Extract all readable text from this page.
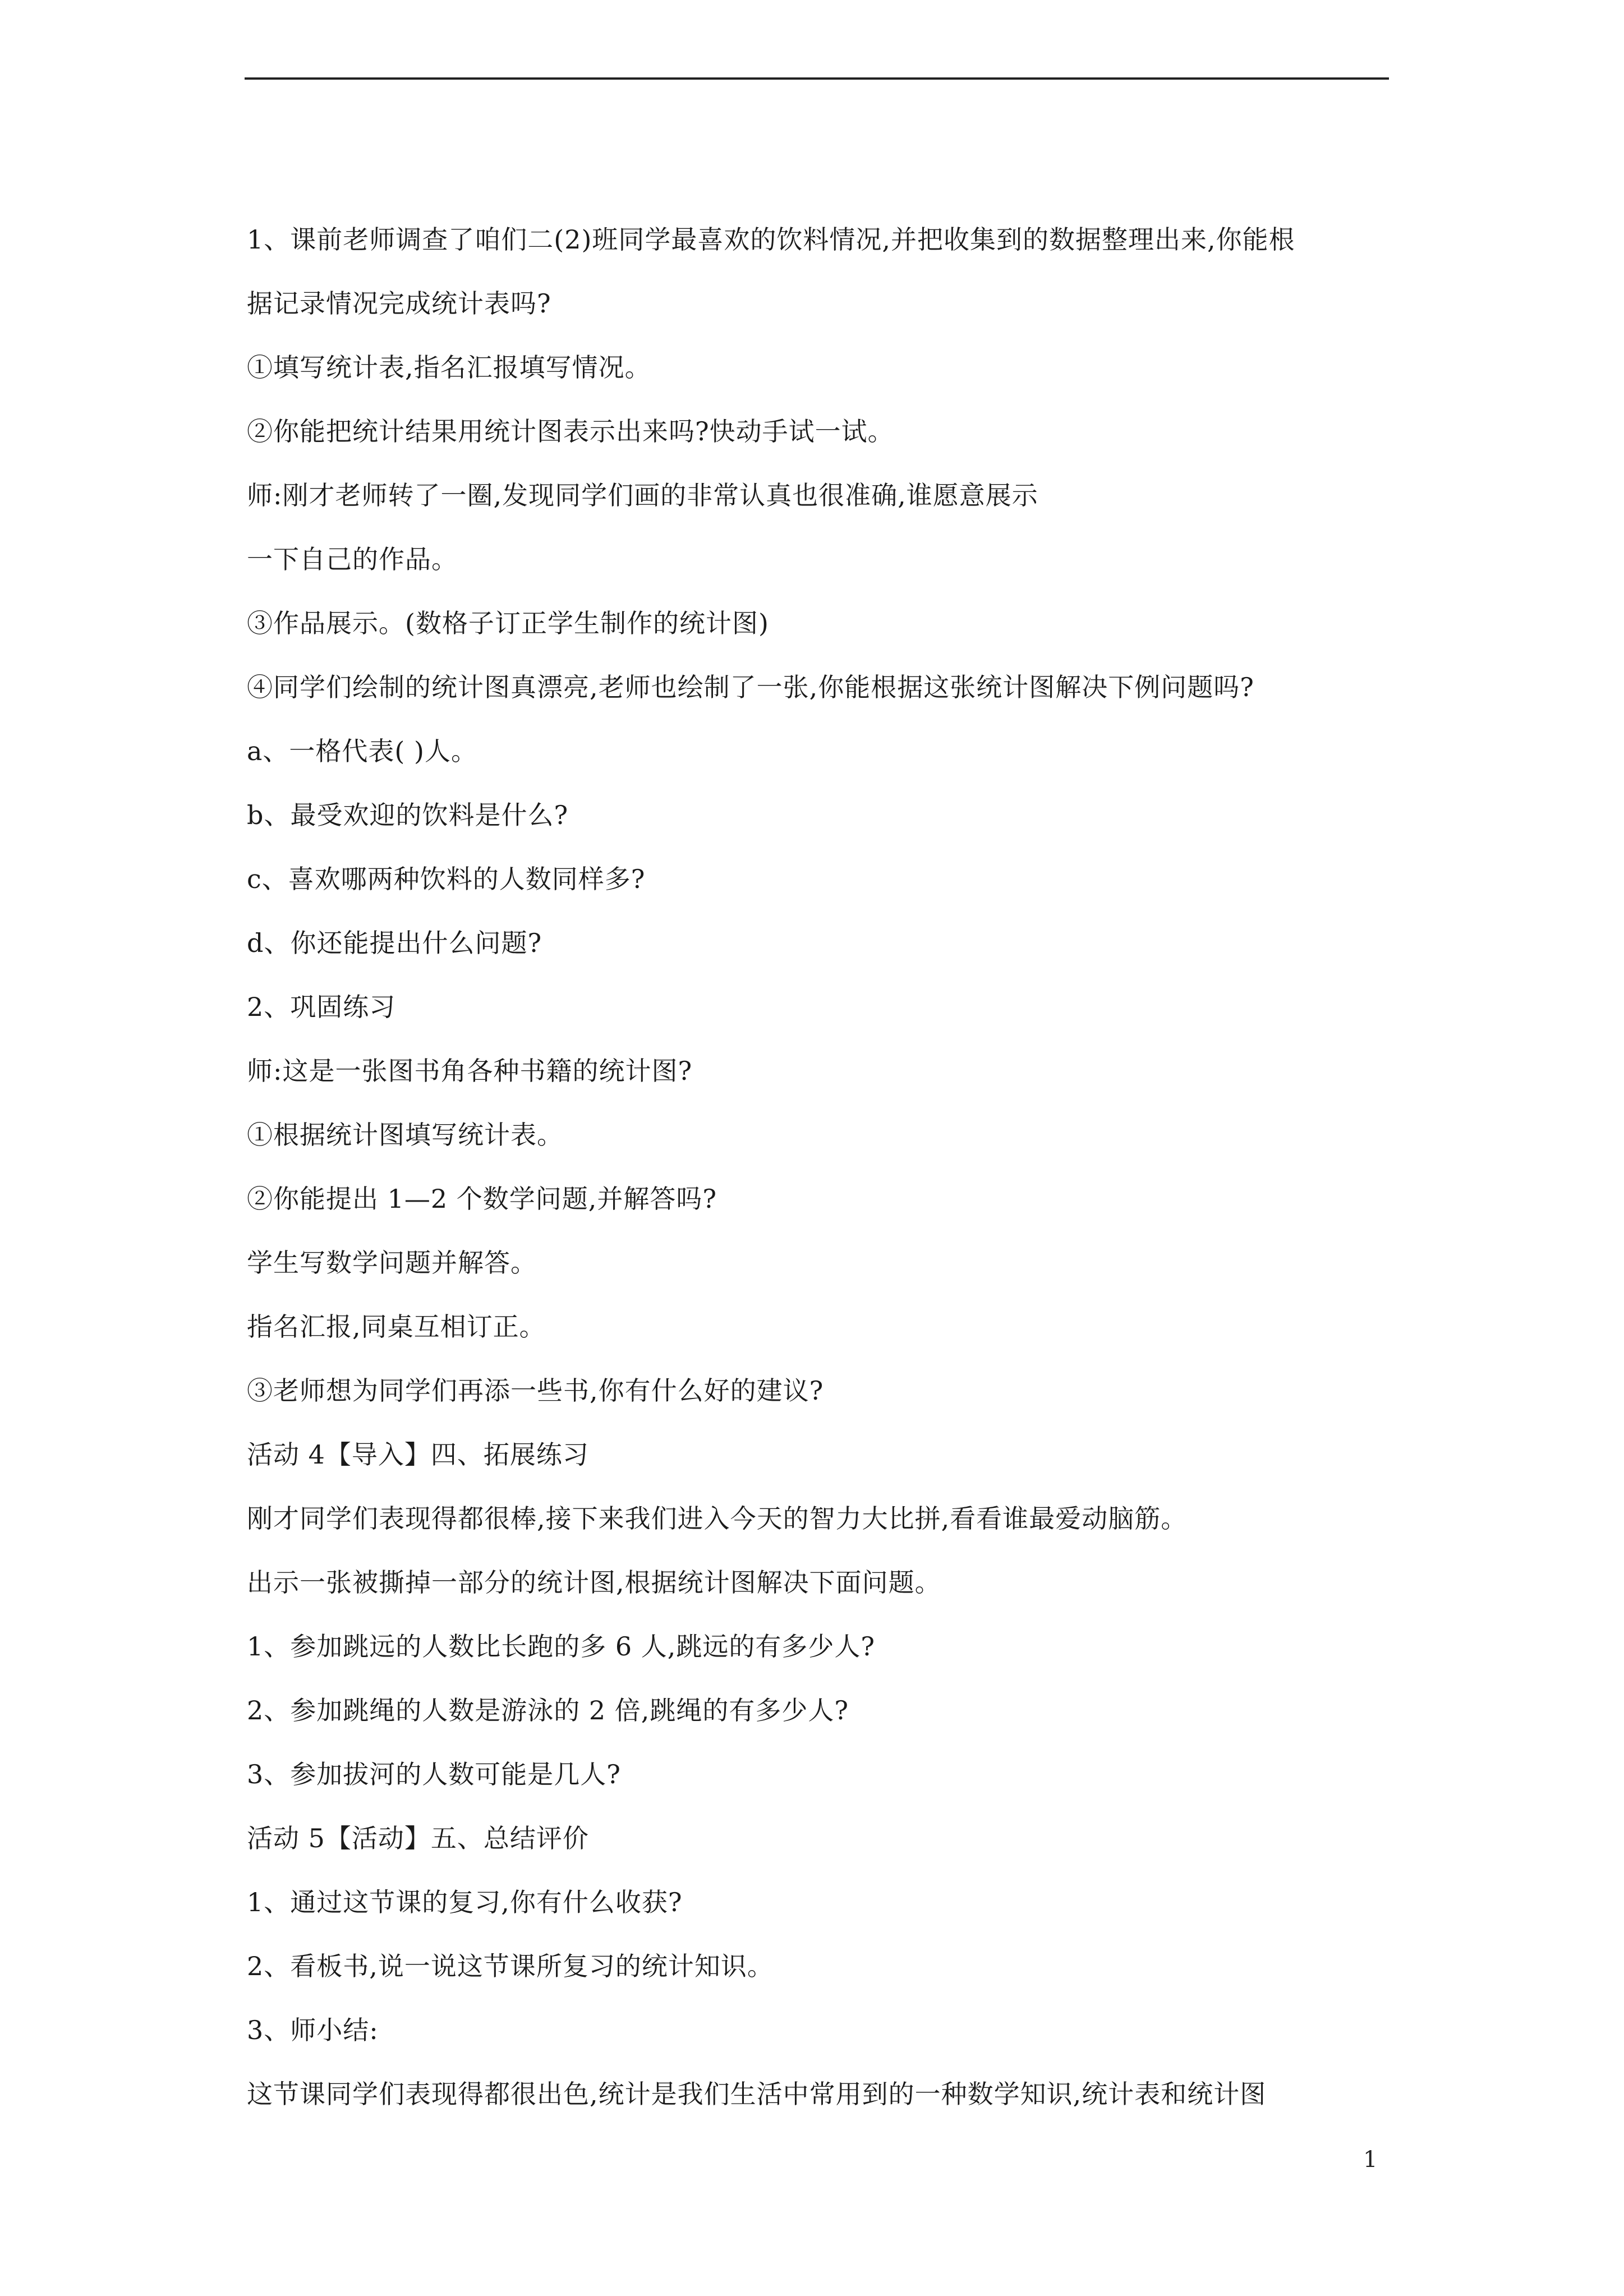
1、课前老师调查了咱们二(2)班同学最喜欢的饮料情况,并把收集到的数据整理出来,你能根
据记录情况完成统计表吗?
①填写统计表,指名汇报填写情况。
②你能把统计结果用统计图表示出来吗?快动手试一试。
师:刚才老师转了一圈,发现同学们画的非常认真也很准确,谁愿意展示
一下自己的作品。
③作品展示。(数格子订正学生制作的统计图)
④同学们绘制的统计图真漂亮,老师也绘制了一张,你能根据这张统计图解决下例问题吗?
a、一格代表( )人。
b、最受欢迎的饮料是什么?
c、喜欢哪两种饮料的人数同样多?
d、你还能提出什么问题?
2、巩固练习
师:这是一张图书角各种书籍的统计图?
①根据统计图填写统计表。
②你能提出 1—2 个数学问题,并解答吗?
学生写数学问题并解答。
指名汇报,同桌互相订正。
③老师想为同学们再添一些书,你有什么好的建议?
活动 4【导入】四、拓展练习
刚才同学们表现得都很棒,接下来我们进入今天的智力大比拼,看看谁最爱动脑筋。
出示一张被撕掉一部分的统计图,根据统计图解决下面问题。
1、参加跳远的人数比长跑的多 6 人,跳远的有多少人?
2、参加跳绳的人数是游泳的 2 倍,跳绳的有多少人?
3、参加拔河的人数可能是几人?
活动 5【活动】五、总结评价
1、通过这节课的复习,你有什么收获?
2、看板书,说一说这节课所复习的统计知识。
3、师小结:
这节课同学们表现得都很出色,统计是我们生活中常用到的一种数学知识,统计表和统计图
1
